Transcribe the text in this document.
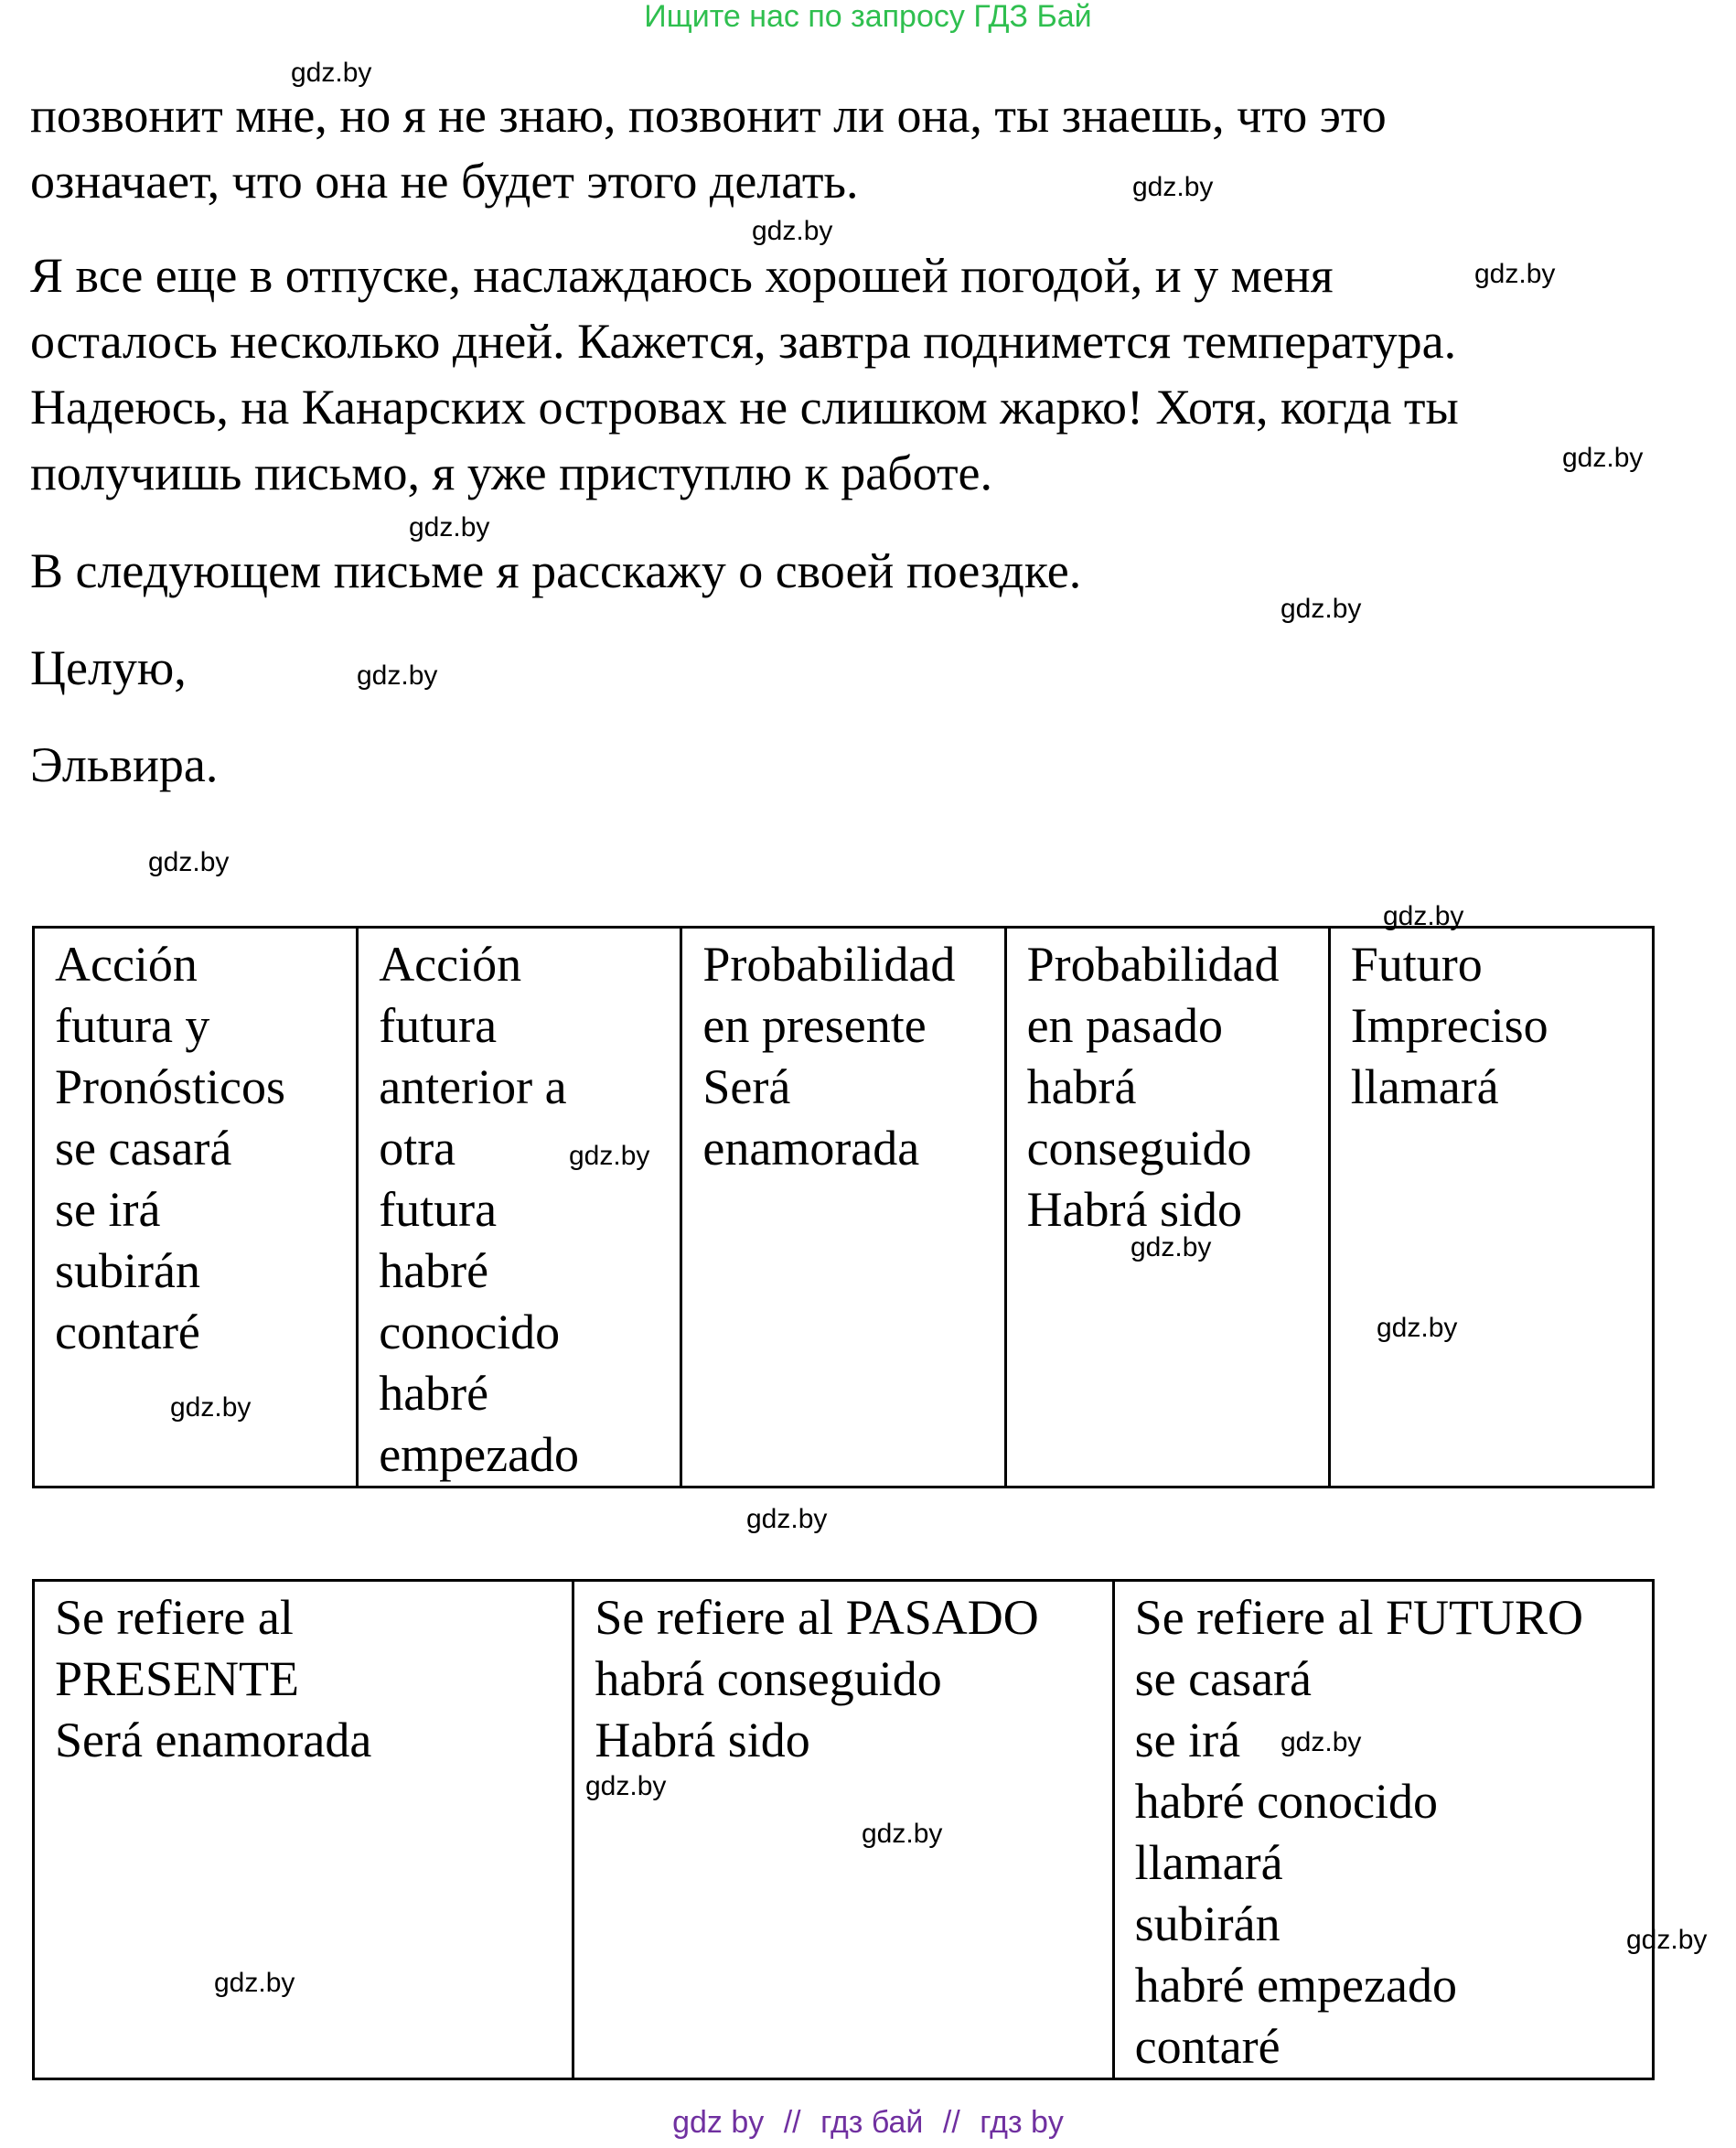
Ищите нас по запросу ГДЗ Бай

позвонит мне, но я не знаю, позвонит ли она, ты знаешь, что это

означает, что она не будет этого делать.

Я все еще в отпуске, наслаждаюсь хорошей погодой, и у меня

осталось несколько дней. Кажется, завтра поднимется температура.

Надеюсь, на Канарских островах не слишком жарко! Хотя, когда ты

получишь письмо, я уже приступлю к работе.

В следующем письме я расскажу о своей поездке.

Целую,

Эльвира.

gdz.by
gdz.by
gdz.by
gdz.by
gdz.by
gdz.by
gdz.by
gdz.by
gdz.by
gdz.by
gdz.by
gdz.by
gdz.by
gdz.by
gdz.by
gdz.by
gdz.by
gdz.by
gdz.by
gdz.by
Acción
futura y
Pronósticos
se casará
se irá
subirán
contaré

Acción
futura
anterior a
otra
futura
habré
conocido
habré
empezado

Probabilidad
en presente
Será
enamorada

Probabilidad
en pasado
habrá
conseguido
Habrá sido

Futuro
Impreciso
llamará
Se refiere al
PRESENTE
Será enamorada

Se refiere al PASADO
habrá conseguido
Habrá sido

Se refiere al FUTURO
se casará
se irá
habré conocido
llamará
subirán
habré empezado
contaré
gdz by // гдз бай // гдз by
